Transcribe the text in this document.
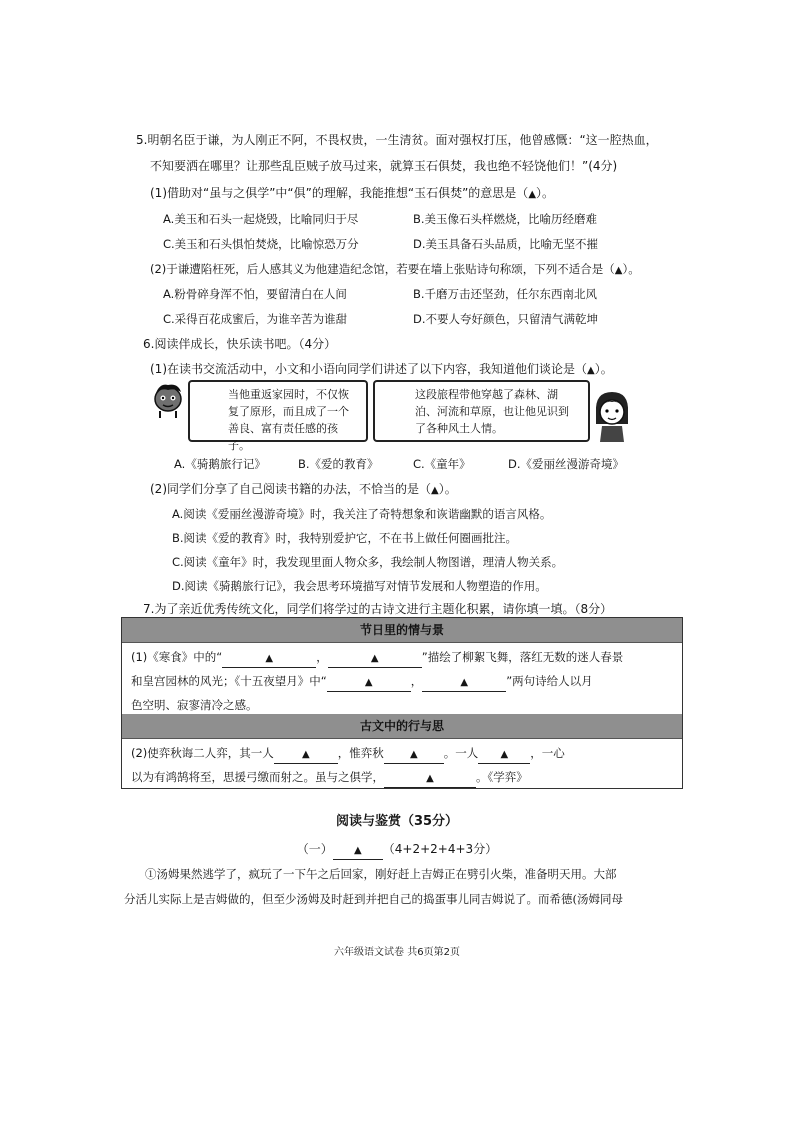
5.明朝名臣于谦，为人刚正不阿，不畏权贵，一生清贫。面对强权打压，他曾感慨：“这一腔热血，
不知要洒在哪里？让那些乱臣贼子放马过来，就算玉石俱焚，我也绝不轻饶他们！”(4分)
(1)借助对“虽与之俱学”中“俱”的理解，我能推想“玉石俱焚”的意思是（▲）。
A.美玉和石头一起烧毁，比喻同归于尽	B.美玉像石头样燃烧，比喻历经磨难
C.美玉和石头惧怕焚烧，比喻惊恐万分	D.美玉具备石头品质，比喻无坚不摧
(2)于谦遭陷枉死，后人感其义为他建造纪念馆，若要在墙上张贴诗句称颂，下列不适合是（▲）。
A.粉骨碎身浑不怕，要留清白在人间	B.千磨万击还坚劲，任尔东西南北风
C.采得百花成蜜后，为谁辛苦为谁甜	D.不要人夸好颜色，只留清气满乾坤
6.阅读伴成长，快乐读书吧。（4分）
(1)在读书交流活动中，小文和小语向同学们讲述了以下内容，我知道他们谈论是（▲）。
当他重返家园时，不仅恢复了原形，而且成了一个善良、富有责任感的孩子。
这段旅程带他穿越了森林、湖泊、河流和草原，也让他见识到了各种风土人情。
A.《骑鹅旅行记》	B.《爱的教育》	C.《童年》	D.《爱丽丝漫游奇境》
(2)同学们分享了自己阅读书籍的办法，不恰当的是（▲）。
A.阅读《爱丽丝漫游奇境》时，我关注了奇特想象和诙谐幽默的语言风格。
B.阅读《爱的教育》时，我特别爱护它，不在书上做任何圈画批注。
C.阅读《童年》时，我发现里面人物众多，我绘制人物图谱，理清人物关系。
D.阅读《骑鹅旅行记》，我会思考环境描写对情节发展和人物塑造的作用。
7.为了亲近优秀传统文化，同学们将学过的古诗文进行主题化积累，请你填一填。（8分）
节日里的情与景
(1)《寒食》中的“	▲	，	▲	”描绘了柳絮飞舞，落红无数的迷人春景
和皇宫园林的风光；《十五夜望月》中“	▲	，	▲	”两句诗给人以月
色空明、寂寥清冷之感。
古文中的行与思
(2)使弈秋诲二人弈，其一人	▲ ，惟弈秋	▲ 。一人 ▲ ，一心
以为有鸿鹄将至，思援弓缴而射之。虽与之俱学，	▲	。《学弈》
阅读与鉴赏（35分）
（一） ▲ （4+2+2+4+3分）
①汤姆果然逃学了，疯玩了一下午之后回家，刚好赶上吉姆正在劈引火柴，准备明天用。大部
分活儿实际上是吉姆做的，但至少汤姆及时赶到并把自己的捣蛋事儿同吉姆说了。而希德(汤姆同母
六年级语文试卷 共6页第2页
